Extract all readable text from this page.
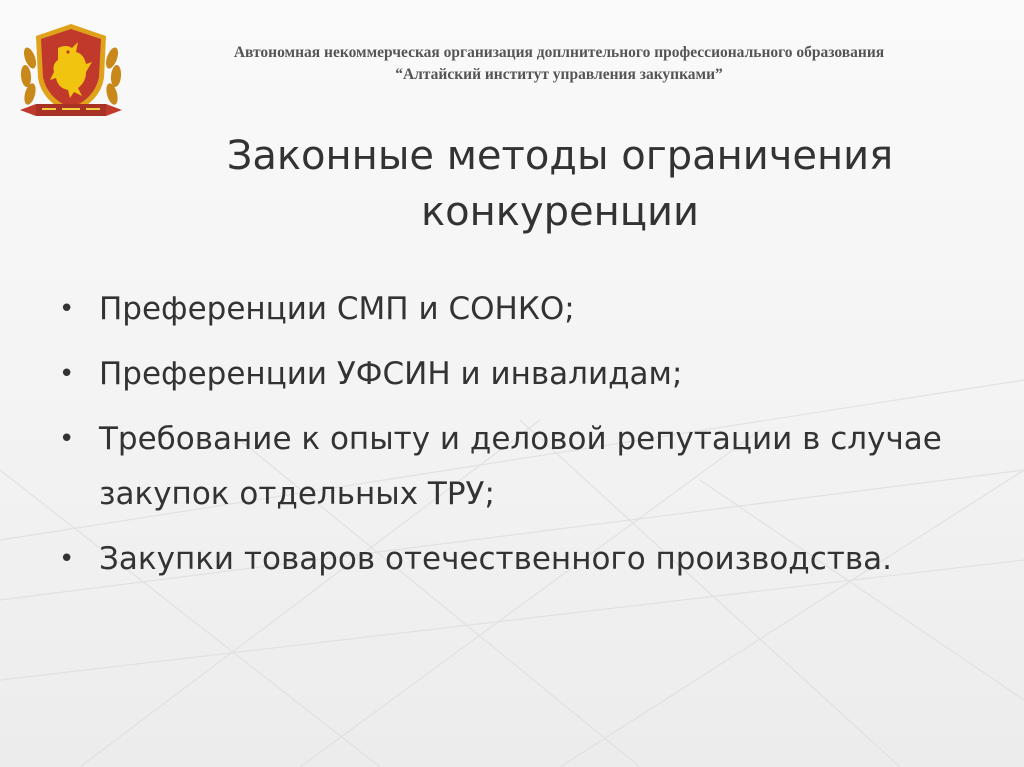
Автономная некоммерческая организация доплнительного профессионального образования
“Алтайский институт управления закупками”
Законные методы ограничения
конкуренции
• Преференции СМП и СОНКО;
• Преференции УФСИН и инвалидам;
• Требование к опыту и деловой репутации в случае закупок отдельных ТРУ;
• Закупки товаров отечественного производства.
